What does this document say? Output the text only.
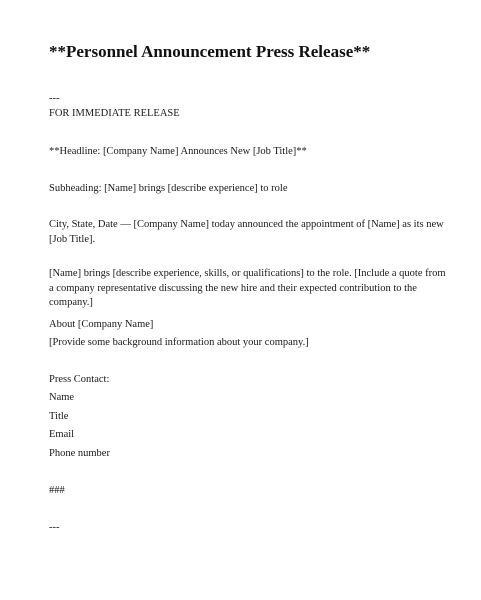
**Personnel Announcement Press Release**
---
FOR IMMEDIATE RELEASE
**Headline: [Company Name] Announces New [Job Title]**
Subheading: [Name] brings [describe experience] to role
City, State, Date — [Company Name] today announced the appointment of [Name] as its new [Job Title].
[Name] brings [describe experience, skills, or qualifications] to the role. [Include a quote from a company representative discussing the new hire and their expected contribution to the company.]
About [Company Name]
[Provide some background information about your company.]
Press Contact:
Name
Title
Email
Phone number
###
---
